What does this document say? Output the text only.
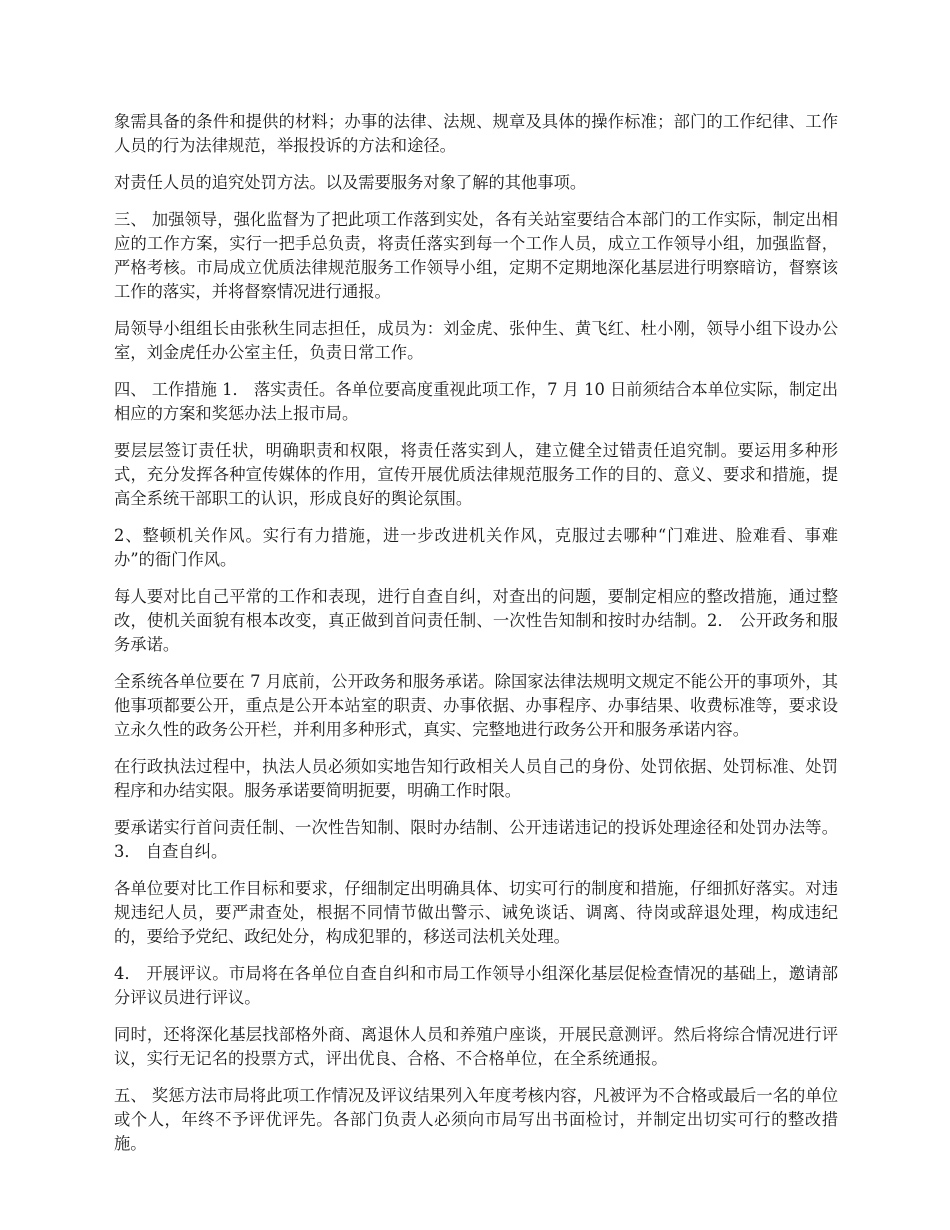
象需具备的条件和提供的材料；办事的法律、法规、规章及具体的操作标准；部门的工作纪律、工作人员的行为法律规范，举报投诉的方法和途径。

对责任人员的追究处罚方法。以及需要服务对象了解的其他事项。

三、 加强领导，强化监督为了把此项工作落到实处，各有关站室要结合本部门的工作实际，制定出相应的工作方案，实行一把手总负责，将责任落实到每一个工作人员，成立工作领导小组，加强监督，严格考核。市局成立优质法律规范服务工作领导小组，定期不定期地深化基层进行明察暗访，督察该工作的落实，并将督察情况进行通报。

局领导小组组长由张秋生同志担任，成员为：刘金虎、张仲生、黄飞红、杜小刚，领导小组下设办公室，刘金虎任办公室主任，负责日常工作。

四、 工作措施 1． 落实责任。各单位要高度重视此项工作，7 月 10 日前须结合本单位实际，制定出相应的方案和奖惩办法上报市局。

要层层签订责任状，明确职责和权限，将责任落实到人，建立健全过错责任追究制。要运用多种形式，充分发挥各种宣传媒体的作用，宣传开展优质法律规范服务工作的目的、意义、要求和措施，提高全系统干部职工的认识，形成良好的舆论氛围。

2、整顿机关作风。实行有力措施，进一步改进机关作风，克服过去哪种“门难进、脸难看、事难办”的衙门作风。

每人要对比自己平常的工作和表现，进行自查自纠，对查出的问题，要制定相应的整改措施，通过整改，使机关面貌有根本改变，真正做到首问责任制、一次性告知制和按时办结制。2． 公开政务和服务承诺。

全系统各单位要在 7 月底前，公开政务和服务承诺。除国家法律法规明文规定不能公开的事项外，其他事项都要公开，重点是公开本站室的职责、办事依据、办事程序、办事结果、收费标准等，要求设立永久性的政务公开栏，并利用多种形式，真实、完整地进行政务公开和服务承诺内容。

在行政执法过程中，执法人员必须如实地告知行政相关人员自己的身份、处罚依据、处罚标准、处罚程序和办结实限。服务承诺要简明扼要，明确工作时限。

要承诺实行首问责任制、一次性告知制、限时办结制、公开违诺违记的投诉处理途径和处罚办法等。3． 自查自纠。

各单位要对比工作目标和要求，仔细制定出明确具体、切实可行的制度和措施，仔细抓好落实。对违规违纪人员，要严肃查处，根据不同情节做出警示、诫免谈话、调离、待岗或辞退处理，构成违纪的，要给予党纪、政纪处分，构成犯罪的，移送司法机关处理。

4． 开展评议。市局将在各单位自查自纠和市局工作领导小组深化基层促检查情况的基础上，邀请部分评议员进行评议。

同时，还将深化基层找部格外商、离退休人员和养殖户座谈，开展民意测评。然后将综合情况进行评议，实行无记名的投票方式，评出优良、合格、不合格单位，在全系统通报。

五、 奖惩方法市局将此项工作情况及评议结果列入年度考核内容，凡被评为不合格或最后一名的单位或个人，年终不予评优评先。各部门负责人必须向市局写出书面检讨，并制定出切实可行的整改措施。
